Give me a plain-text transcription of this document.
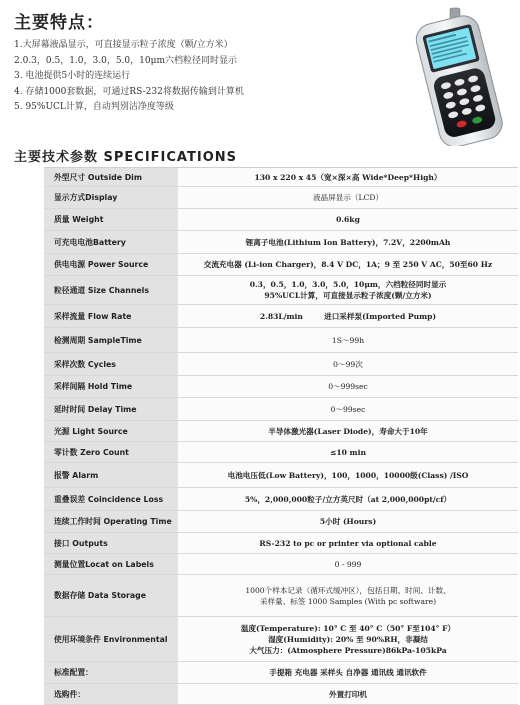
主要特点：
1.大屏幕液晶显示，可直接显示粒子浓度（颗/立方米）
2.0.3，0.5，1.0，3.0，5.0，10μm六档粒径同时显示
3. 电池提供5小时的连续运行
4. 存储1000套数据，可通过RS-232将数据传输到计算机
5. 95%UCL计算，自动判别洁净度等级
主要技术参数 SPECIFICATIONS
外型尺寸 Outside Dim	130 x 220 x 45（宽×深×高 Wide*Deep*High）
显示方式Display	液晶屏显示（LCD）
质量 Weight	0.6kg
可充电电池Battery	锂离子电池(Lithium Ion Battery)，7.2V，2200mAh
供电电源 Power Source	交流充电器 (Li-ion Charger)，8.4 V DC，1A；9 至 250 V AC，50至60 Hz
粒径通道 Size Channels
0.3，0.5，1.0，3.0，5.0，10μm，六档粒径同时显示
95%UCL计算，可直接显示粒子浓度(颗/立方米)
采样流量 Flow Rate	2.83L/min        进口采样泵(Imported Pump)
检测周期 SampleTime	1S～99h
采样次数 Cycles	0～99次
采样间隔 Hold Time	0～999sec
延时时间 Delay Time	0～99sec
光源 Light Source	半导体激光器(Laser Diode)，寿命大于10年
零计数 Zero Count	≤10 min
报警 Alarm	电池电压低(Low Battery)，100，1000，10000级(Class) /ISO
重叠误差 Coincidence Loss	5%，2,000,000粒子/立方英尺时（at 2,000,000pt/cf）
连续工作时间 Operating Time	5小时 (Hours)
接口 Outputs	RS-232 to pc or printer via optional cable
测量位置Locat on Labels	0 - 999
数据存储 Data Storage
1000个样本记录（循环式缓冲区），包括日期、时间、计数、
采样量、标签 1000 Samples (With pc software)
使用环境条件 Environmental
温度(Temperature): 10° C 至 40° C（50° F至104° F）
湿度(Humidity): 20% 至 90%RH，非凝结
大气压力：(Atmosphere Pressure)86kPa-105kPa
标准配置：	手提箱 充电器 采样头 自净器 通讯线 通讯软件
选购件：	外置打印机
